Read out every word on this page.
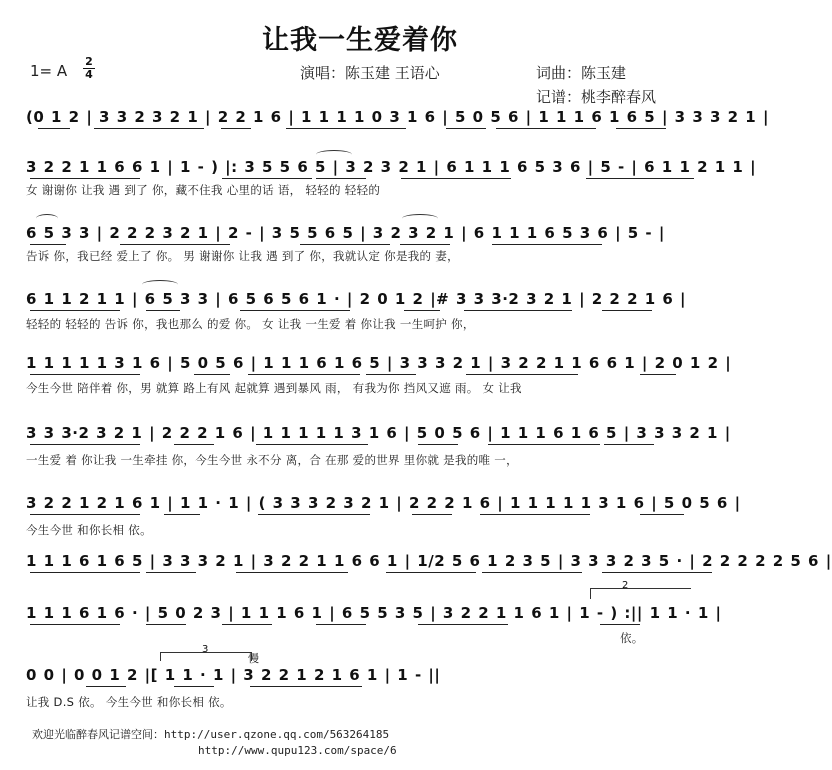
让我一生爱着你
1= A
2
4	演唱：陈玉建 王语心	词曲：陈玉建
记谱：桃李醉春风
(0 1 2 | 3 3 2 3 2 1 | 2 2 1 6 | 1 1 1 1 0 3 1 6 | 5 0 5 6 | 1 1 1 6 1 6 5 | 3 3 3 2 1 |
3 2 2 1 1 6 6 1 | 1 - ) |: 3 5 5 6 5 | 3 2 3 2 1 | 6 1 1 1 6 5 3 6 | 5 - | 6 1 1 2 1 1 |
女 谢谢你 让我 遇 到了 你，藏不住我 心里的话 语， 轻轻的 轻轻的
6 5 3 3 | 2 2 2 3 2 1 | 2 - | 3 5 5 6 5 | 3 2 3 2 1 | 6 1 1 1 6 5 3 6 | 5 - |
告诉 你，我已经 爱上了 你。 男 谢谢你 让我 遇 到了 你，我就认定 你是我的 妻，
6 1 1 2 1 1 | 6 5 3 3 | 6 5 6 5 6 1 · | 2 0 1 2 |# 3 3 3·2 3 2 1 | 2 2 2 1 6 |
轻轻的 轻轻的 告诉 你，我也那么 的爱 你。 女 让我 一生爱 着 你让我 一生呵护 你，
1 1 1 1 1 3 1 6 | 5 0 5 6 | 1 1 1 6 1 6 5 | 3 3 3 2 1 | 3 2 2 1 1 6 6 1 | 2 0 1 2 |
今生今世 陪伴着 你，男 就算 路上有风 起就算 遇到暴风 雨， 有我为你 挡风又遮 雨。 女 让我
3 3 3·2 3 2 1 | 2 2 2 1 6 | 1 1 1 1 1 3 1 6 | 5 0 5 6 | 1 1 1 6 1 6 5 | 3 3 3 2 1 |
一生爱 着 你让我 一生牵挂 你，今生今世 永不分 离，合 在那 爱的世界 里你就 是我的唯 一，
3 2 2 1 2 1 6 1 | 1 1 · 1 | ( 3 3 3 2 3 2 1 | 2 2 2 1 6 | 1 1 1 1 1 3 1 6 | 5 0 5 6 |
今生今世 和你长相 依。
1 1 1 6 1 6 5 | 3 3 3 2 1 | 3 2 2 1 1 6 6 1 | 1/2 5 6 1 2 3 5 | 3 3 3 2 3 5 · | 2 2 2 2 2 5 6 |
1 1 1 6 1 6 · | 5 0 2 3 | 1 1 1 6 1 | 6 5 5 3 5 | 3 2 2 1 1 6 1 | 1 - ) :|| 1 1 · 1 |
2
依。
0 0 | 0 0 1 2 |[ 1 1 · 1 | 3 2 2 1 2 1 6 1 | 1 - ||
3
慢
让我 D.S 依。 今生今世 和你长相 依。
欢迎光临醉春风记谱空间：http://user.qzone.qq.com/563264185
http://www.qupu123.com/space/6
